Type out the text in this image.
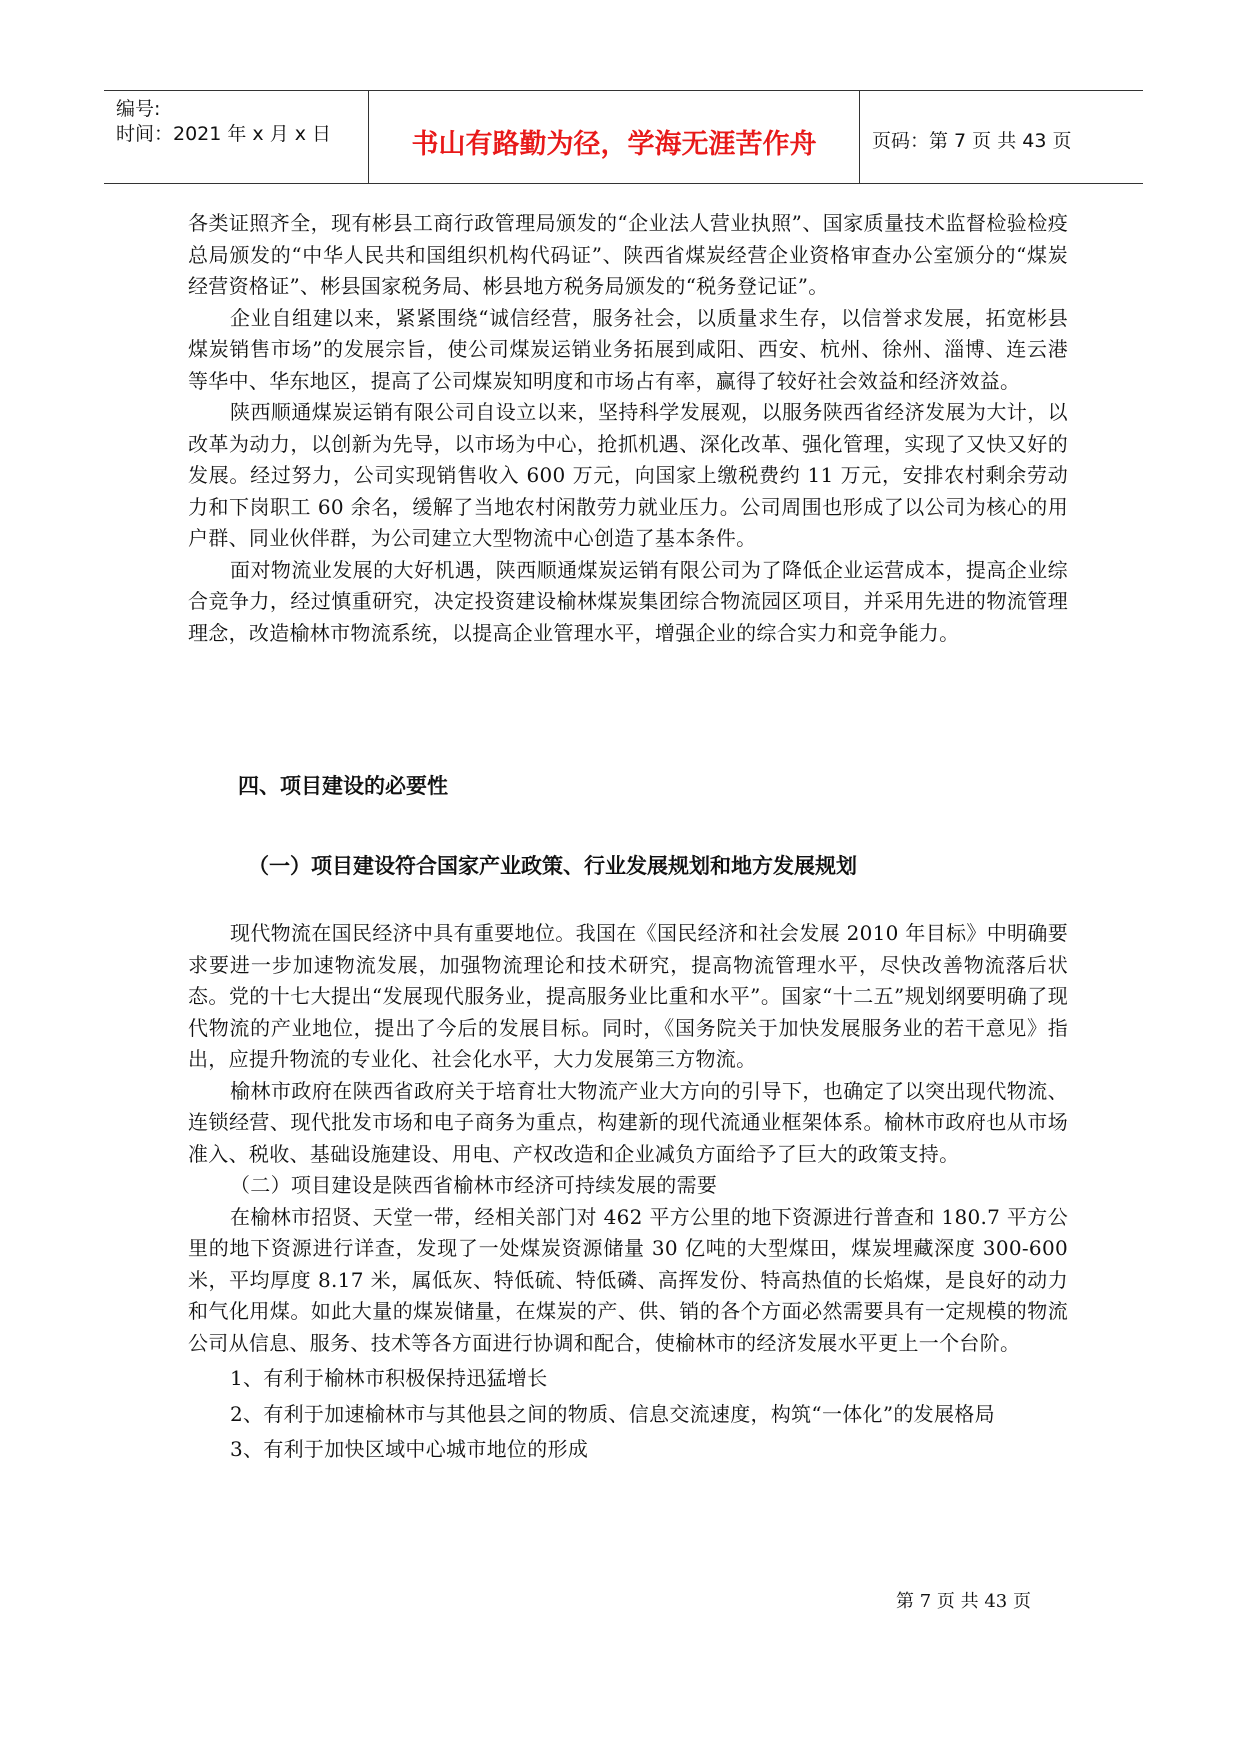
编号:
时间：2021 年 x 月 x 日	书山有路勤为径，学海无涯苦作舟	页码：第 7 页 共 43 页

各类证照齐全，现有彬县工商行政管理局颁发的“企业法人营业执照”、国家质量技术监督检验检疫总局颁发的“中华人民共和国组织机构代码证”、陕西省煤炭经营企业资格审查办公室颁分的“煤炭经营资格证”、彬县国家税务局、彬县地方税务局颁发的“税务登记证”。

企业自组建以来，紧紧围绕“诚信经营，服务社会，以质量求生存，以信誉求发展，拓宽彬县煤炭销售市场”的发展宗旨，使公司煤炭运销业务拓展到咸阳、西安、杭州、徐州、淄博、连云港等华中、华东地区，提高了公司煤炭知明度和市场占有率，赢得了较好社会效益和经济效益。

陕西顺通煤炭运销有限公司自设立以来，坚持科学发展观，以服务陕西省经济发展为大计，以改革为动力，以创新为先导，以市场为中心，抢抓机遇、深化改革、强化管理，实现了又快又好的发展。经过努力，公司实现销售收入 600 万元，向国家上缴税费约 11 万元，安排农村剩余劳动力和下岗职工 60 余名，缓解了当地农村闲散劳力就业压力。公司周围也形成了以公司为核心的用户群、同业伙伴群，为公司建立大型物流中心创造了基本条件。

面对物流业发展的大好机遇，陕西顺通煤炭运销有限公司为了降低企业运营成本，提高企业综合竞争力，经过慎重研究，决定投资建设榆林煤炭集团综合物流园区项目，并采用先进的物流管理理念，改造榆林市物流系统，以提高企业管理水平，增强企业的综合实力和竞争能力。

四、项目建设的必要性
（一）项目建设符合国家产业政策、行业发展规划和地方发展规划

现代物流在国民经济中具有重要地位。我国在《国民经济和社会发展 2010 年目标》中明确要求要进一步加速物流发展，加强物流理论和技术研究，提高物流管理水平，尽快改善物流落后状态。党的十七大提出“发展现代服务业，提高服务业比重和水平”。国家“十二五”规划纲要明确了现代物流的产业地位，提出了今后的发展目标。同时，《国务院关于加快发展服务业的若干意见》指出，应提升物流的专业化、社会化水平，大力发展第三方物流。

榆林市政府在陕西省政府关于培育壮大物流产业大方向的引导下，也确定了以突出现代物流、连锁经营、现代批发市场和电子商务为重点，构建新的现代流通业框架体系。榆林市政府也从市场准入、税收、基础设施建设、用电、产权改造和企业减负方面给予了巨大的政策支持。

（二）项目建设是陕西省榆林市经济可持续发展的需要

在榆林市招贤、天堂一带，经相关部门对 462 平方公里的地下资源进行普查和 180.7 平方公里的地下资源进行详查，发现了一处煤炭资源储量 30 亿吨的大型煤田，煤炭埋藏深度 300-600 米，平均厚度 8.17 米，属低灰、特低硫、特低磷、高挥发份、特高热值的长焰煤，是良好的动力和气化用煤。如此大量的煤炭储量，在煤炭的产、供、销的各个方面必然需要具有一定规模的物流公司从信息、服务、技术等各方面进行协调和配合，使榆林市的经济发展水平更上一个台阶。

1、有利于榆林市积极保持迅猛增长

2、有利于加速榆林市与其他县之间的物质、信息交流速度，构筑“一体化”的发展格局

3、有利于加快区域中心城市地位的形成

第 7 页 共 43 页
